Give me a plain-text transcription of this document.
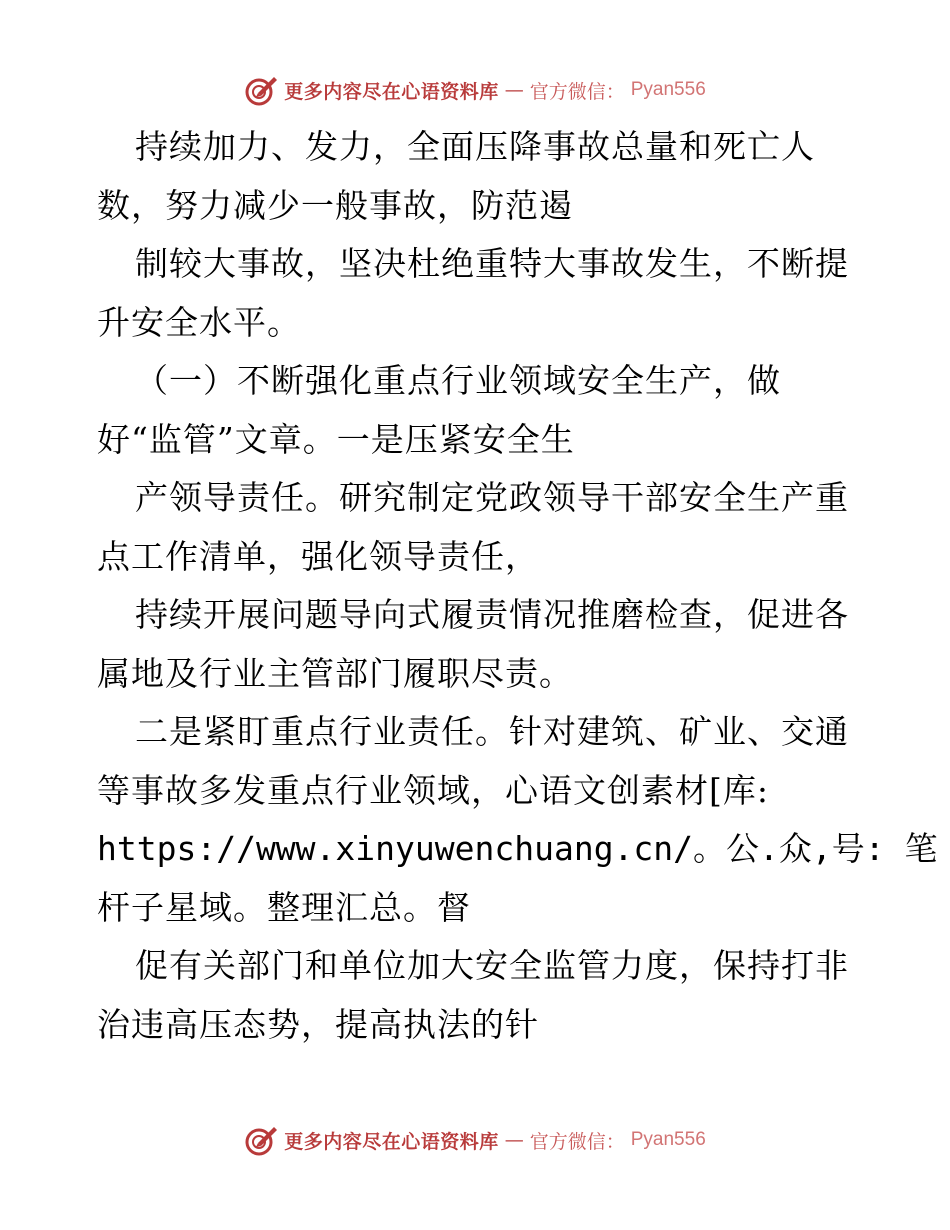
更多内容尽在心语资料库 — 官方微信： Pyan556
持续加力、发力，全面压降事故总量和死亡人
数，努力减少一般事故，防范遏
制较大事故，坚决杜绝重特大事故发生，不断提
升安全水平。
（一）不断强化重点行业领域安全生产，做
好“监管”文章。一是压紧安全生
产领导责任。研究制定党政领导干部安全生产重
点工作清单，强化领导责任，
持续开展问题导向式履责情况推磨检查，促进各
属地及行业主管部门履职尽责。
二是紧盯重点行业责任。针对建筑、矿业、交通
等事故多发重点行业领域，心语文创素材[库:
https://www.xinyuwenchuang.cn/。公.众,号: 笔
杆子星域。整理汇总。督
促有关部门和单位加大安全监管力度，保持打非
治违高压态势，提高执法的针
更多内容尽在心语资料库 — 官方微信： Pyan556
